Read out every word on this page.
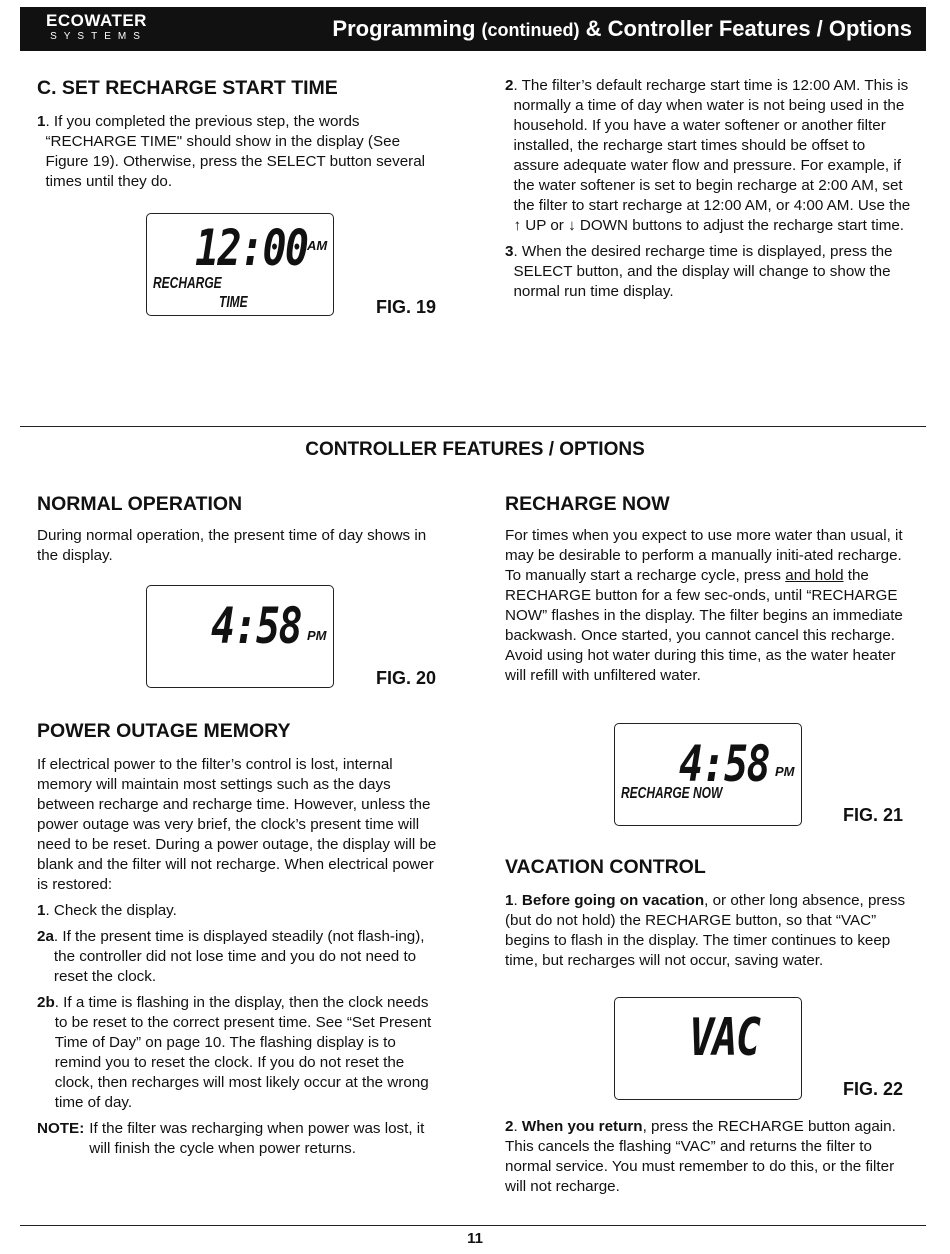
ECOWATER
SYSTEMS	Programming (continued) & Controller Features / Options
C. SET RECHARGE START TIME
1 . If you completed the previous step, the words “RECHARGE TIME" should show in the display (See Figure 19). Otherwise, press the SELECT button several times until they do.
12:00 AM
RECHARGE
TIME	FIG. 19
2 . The filter’s default recharge start time is 12:00 AM. This is normally a time of day when water is not being used in the household. If you have a water softener or another filter installed, the recharge start times should be offset to assure adequate water flow and pressure. For example, if the water softener is set to begin recharge at 2:00 AM, set the filter to start recharge at 12:00 AM, or 4:00 AM. Use the ↑ UP or ↓ DOWN buttons to adjust the recharge start time.
3 . When the desired recharge time is displayed, press the SELECT button, and the display will change to show the normal run time display.
CONTROLLER FEATURES / OPTIONS
NORMAL OPERATION

During normal operation, the present time of day shows in the display.

4:58 PM
FIG. 20
POWER OUTAGE MEMORY

If electrical power to the filter’s control is lost, internal memory will maintain most settings such as the days between recharge and recharge time. However, unless the power outage was very brief, the clock’s present time will need to be reset. During a power outage, the display will be blank and the filter will not recharge. When electrical power is restored:

1 . Check the display.
2a . If the present time is displayed steadily (not flash-ing), the controller did not lose time and you do not need to reset the clock.
2b . If a time is flashing in the display, then the clock needs to be reset to the correct present time. See “Set Present Time of Day” on page 10. The flashing display is to remind you to reset the clock. If you do not reset the clock, then recharges will most likely occur at the wrong time of day.
NOTE: If the filter was recharging when power was lost, it will finish the cycle when power returns.
RECHARGE NOW

For times when you expect to use more water than usual, it may be desirable to perform a manually initi-ated recharge. To manually start a recharge cycle, press and hold the RECHARGE button for a few sec-onds, until “RECHARGE NOW” flashes in the display. The filter begins an immediate backwash. Once started, you cannot cancel this recharge. Avoid using hot water during this time, as the water heater will refill with unfiltered water.

4:58 PM
RECHARGE NOW
FIG. 21
VACATION CONTROL
1. Before going on vacation, or other long absence, press (but do not hold) the RECHARGE button, so that “VAC” begins to flash in the display. The timer continues to keep time, but recharges will not occur, saving water.
VAC
FIG. 22
2. When you return, press the RECHARGE button again. This cancels the flashing “VAC” and returns the filter to normal service. You must remember to do this, or the filter will not recharge.
11
